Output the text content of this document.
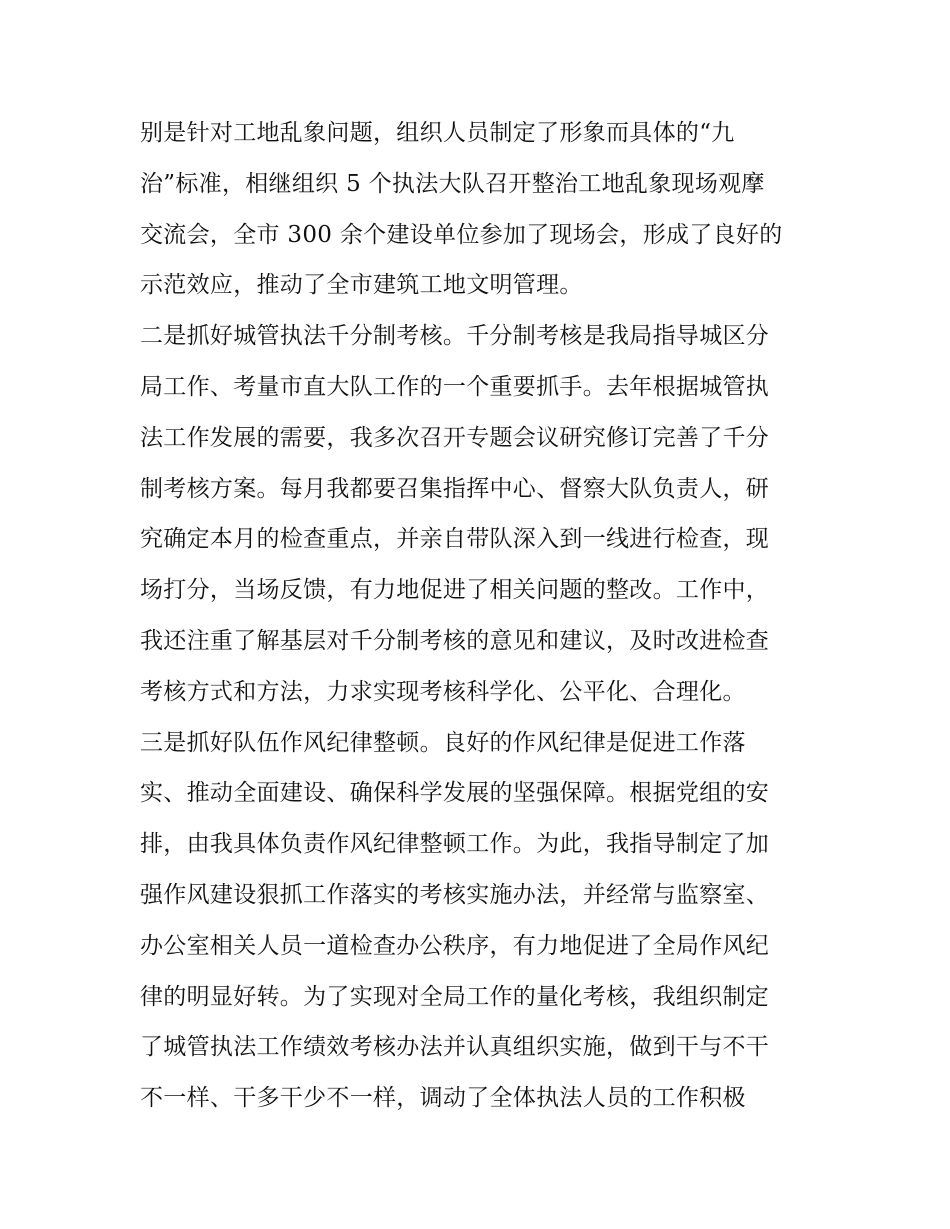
别是针对工地乱象问题，组织人员制定了形象而具体的“九
治”标准，相继组织 5 个执法大队召开整治工地乱象现场观摩
交流会，全市 300 余个建设单位参加了现场会，形成了良好的
示范效应，推动了全市建筑工地文明管理。
二是抓好城管执法千分制考核。千分制考核是我局指导城区分
局工作、考量市直大队工作的一个重要抓手。去年根据城管执
法工作发展的需要，我多次召开专题会议研究修订完善了千分
制考核方案。每月我都要召集指挥中心、督察大队负责人，研
究确定本月的检查重点，并亲自带队深入到一线进行检查，现
场打分，当场反馈，有力地促进了相关问题的整改。工作中，
我还注重了解基层对千分制考核的意见和建议，及时改进检查
考核方式和方法，力求实现考核科学化、公平化、合理化。
三是抓好队伍作风纪律整顿。良好的作风纪律是促进工作落
实、推动全面建设、确保科学发展的坚强保障。根据党组的安
排，由我具体负责作风纪律整顿工作。为此，我指导制定了加
强作风建设狠抓工作落实的考核实施办法，并经常与监察室、
办公室相关人员一道检查办公秩序，有力地促进了全局作风纪
律的明显好转。为了实现对全局工作的量化考核，我组织制定
了城管执法工作绩效考核办法并认真组织实施，做到干与不干
不一样、干多干少不一样，调动了全体执法人员的工作积极
